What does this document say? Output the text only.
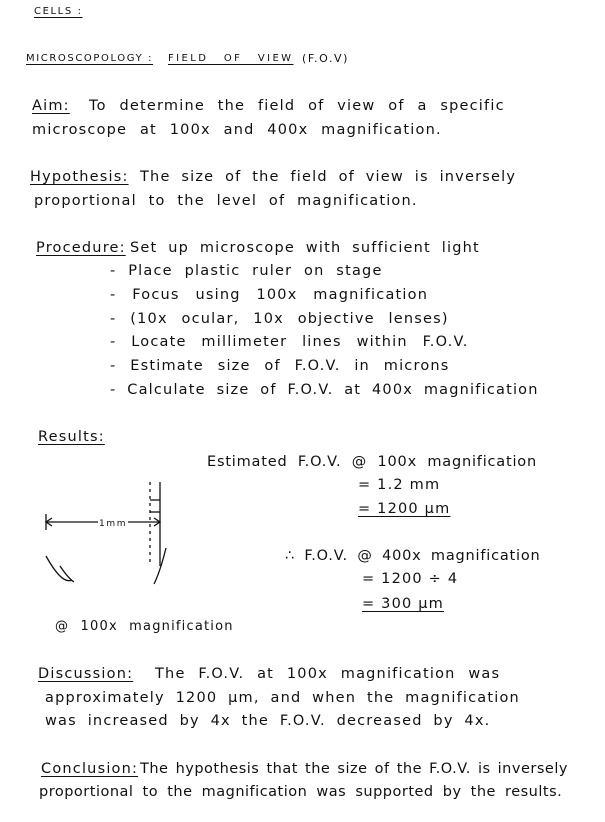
CELLS :
MICROSCOPOLOGY : FIELD OF VIEW (F.O.V)
Aim: To determine the field of view of a specific
microscope at 100x and 400x magnification.
Hypothesis: The size of the field of view is inversely
proportional to the level of magnification.
Procedure: Set up microscope with sufficient light
- Place plastic ruler on stage
- Focus using 100x magnification
- (10x ocular, 10x objective lenses)
- Locate millimeter lines within F.O.V.
- Estimate size of F.O.V. in microns
- Calculate size of F.O.V. at 400x magnification
Results:
Estimated F.O.V. @ 100x magnification
= 1.2 mm
= 1200 μm
∴ F.O.V. @ 400x magnification
= 1200 ÷ 4
= 300 μm
1mm
@ 100x magnification
Discussion: The F.O.V. at 100x magnification was
approximately 1200 μm, and when the magnification
was increased by 4x the F.O.V. decreased by 4x.
Conclusion: The hypothesis that the size of the F.O.V. is inversely
proportional to the magnification was supported by the results.
